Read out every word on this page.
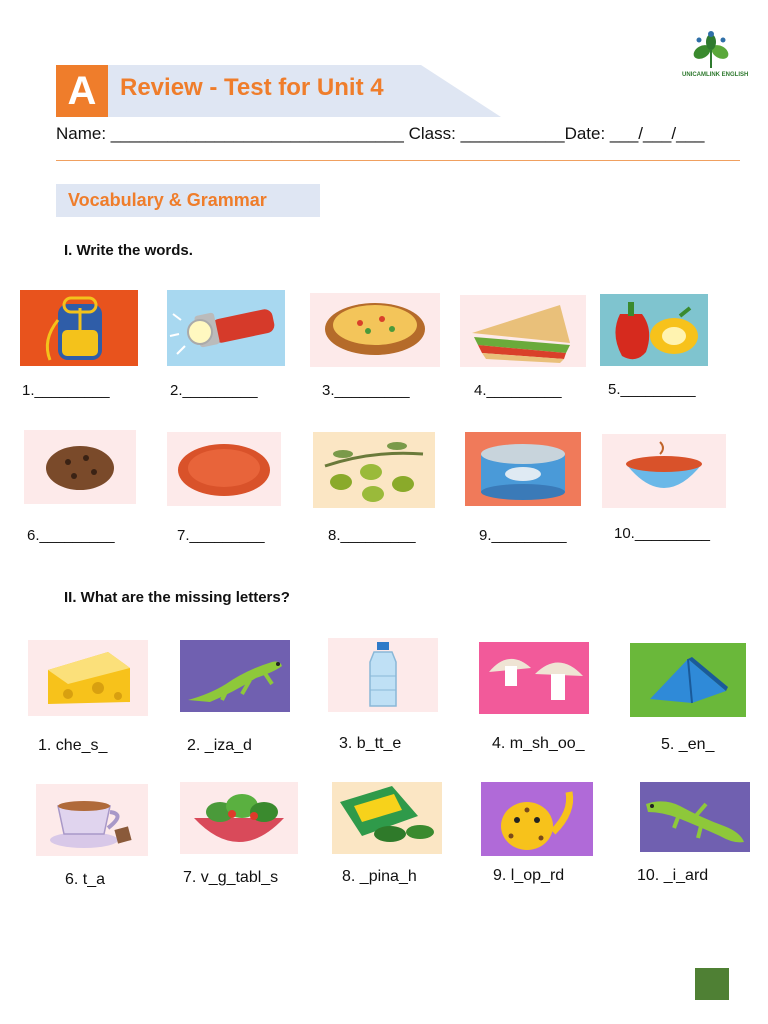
A Review - Test for Unit 4
Name: _______________________________ Class: ___________Date: ___/___/___
UNICAMLINK ENGLISH
Vocabulary & Grammar
I. Write the words.
1._________	2._________	3._________	4._________	5._________
6._________	7._________	8._________	9._________	10._________
II. What are the missing letters?
1. che_s_	2. _iza_d	3. b_tt_e	4. m_sh_oo_	5. _en_
6. t_a	7. v_g_tabl_s	8. _pina_h	9. l_op_rd	10. _i_ard
